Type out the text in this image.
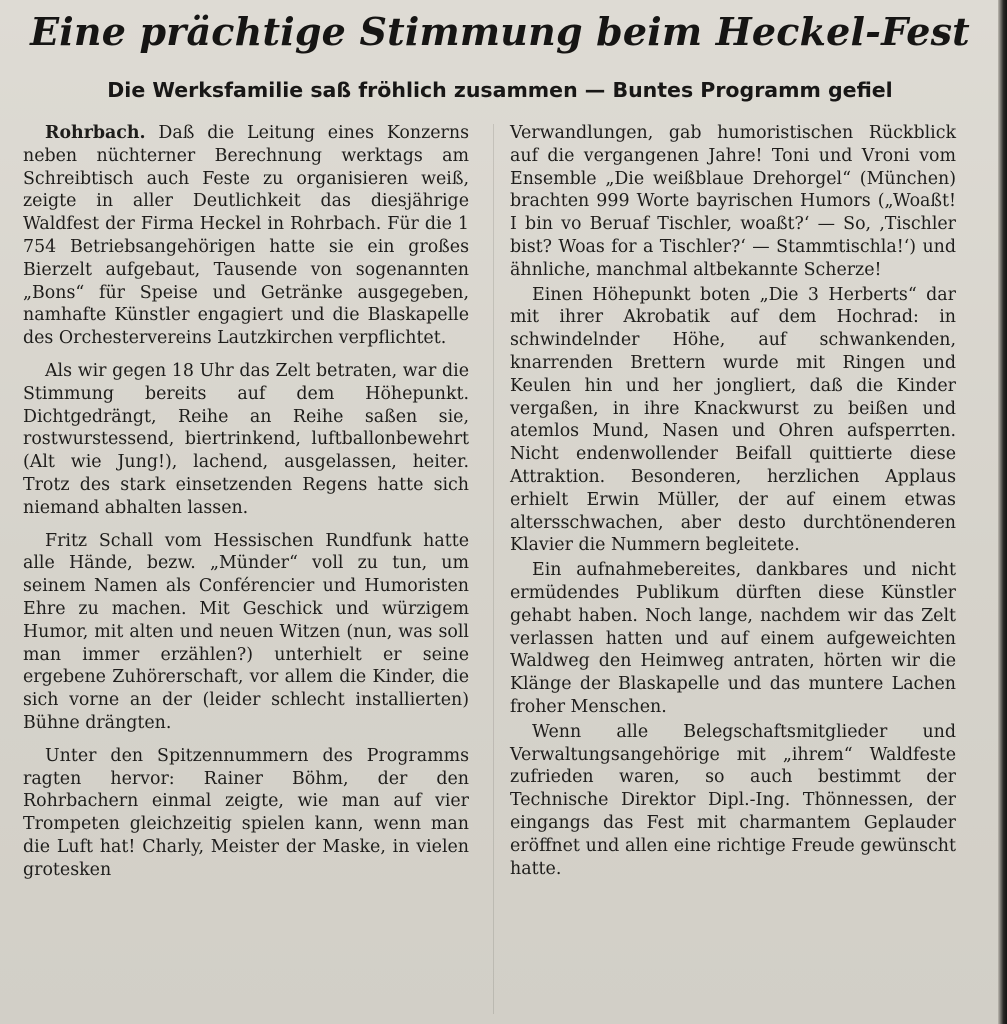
Eine prächtige Stimmung beim Heckel-Fest
Die Werksfamilie saß fröhlich zusammen — Buntes Programm gefiel

Rohrbach. Daß die Leitung eines Konzerns neben nüchterner Berechnung werktags am Schreibtisch auch Feste zu organisieren weiß, zeigte in aller Deutlichkeit das diesjährige Waldfest der Firma Heckel in Rohrbach. Für die 1 754 Betriebsangehörigen hatte sie ein großes Bierzelt aufgebaut, Tausende von sogenannten „Bons“ für Speise und Getränke ausgegeben, namhafte Künstler engagiert und die Blaskapelle des Orchestervereins Lautzkirchen verpflichtet.

Als wir gegen 18 Uhr das Zelt betraten, war die Stimmung bereits auf dem Höhepunkt. Dichtgedrängt, Reihe an Reihe saßen sie, rostwurstessend, biertrinkend, luftballonbewehrt (Alt wie Jung!), lachend, ausgelassen, heiter. Trotz des stark einsetzenden Regens hatte sich niemand abhalten lassen.

Fritz Schall vom Hessischen Rundfunk hatte alle Hände, bezw. „Münder“ voll zu tun, um seinem Namen als Conférencier und Humoristen Ehre zu machen. Mit Geschick und würzigem Humor, mit alten und neuen Witzen (nun, was soll man immer erzählen?) unterhielt er seine ergebene Zuhörerschaft, vor allem die Kinder, die sich vorne an der (leider schlecht installierten) Bühne drängten.

Unter den Spitzennummern des Programms ragten hervor: Rainer Böhm, der den Rohrbachern einmal zeigte, wie man auf vier Trompeten gleichzeitig spielen kann, wenn man die Luft hat! Charly, Meister der Maske, in vielen grotesken

Verwandlungen, gab humoristischen Rückblick auf die vergangenen Jahre! Toni und Vroni vom Ensemble „Die weißblaue Drehorgel“ (München) brachten 999 Worte bayrischen Humors („Woaßt! I bin vo Beruaf Tischler, woaßt?‘ — So, ‚Tischler bist? Woas for a Tischler?‘ — Stammtischla!‘) und ähnliche, manchmal altbekannte Scherze!

Einen Höhepunkt boten „Die 3 Herberts“ dar mit ihrer Akrobatik auf dem Hochrad: in schwindelnder Höhe, auf schwankenden, knarrenden Brettern wurde mit Ringen und Keulen hin und her jongliert, daß die Kinder vergaßen, in ihre Knackwurst zu beißen und atemlos Mund, Nasen und Ohren aufsperrten. Nicht endenwollender Beifall quittierte diese Attraktion. Besonderen, herzlichen Applaus erhielt Erwin Müller, der auf einem etwas altersschwachen, aber desto durchtönenderen Klavier die Nummern begleitete.

Ein aufnahmebereites, dankbares und nicht ermüdendes Publikum dürften diese Künstler gehabt haben. Noch lange, nachdem wir das Zelt verlassen hatten und auf einem aufgeweichten Waldweg den Heimweg antraten, hörten wir die Klänge der Blaskapelle und das muntere Lachen froher Menschen.

Wenn alle Belegschaftsmitglieder und Verwaltungsangehörige mit „ihrem“ Waldfeste zufrieden waren, so auch bestimmt der Technische Direktor Dipl.-Ing. Thönnessen, der eingangs das Fest mit charmantem Geplauder eröffnet und allen eine richtige Freude gewünscht hatte.
